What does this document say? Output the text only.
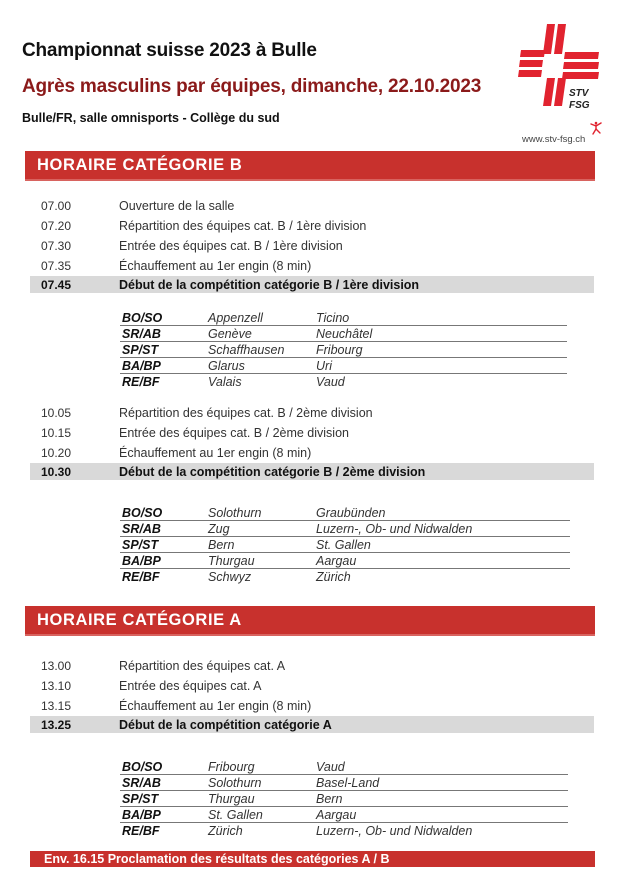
Championnat suisse 2023 à Bulle
Agrès masculins par équipes, dimanche, 22.10.2023
Bulle/FR, salle omnisports - Collège du sud
STV
FSG
www.stv-fsg.ch
HORAIRE CATÉGORIE B
07.00	Ouverture de la salle
07.20	Répartition des équipes cat. B / 1ère division
07.30	Entrée des équipes cat. B / 1ère division
07.35	Échauffement au 1er engin (8 min)
07.45	Début de la compétition catégorie B / 1ère division
BO/SO	Appenzell	Ticino
SR/AB	Genève	Neuchâtel
SP/ST	Schaffhausen	Fribourg
BA/BP	Glarus	Uri
RE/BF	Valais	Vaud
10.05	Répartition des équipes cat. B / 2ème division
10.15	Entrée des équipes cat. B / 2ème division
10.20	Échauffement au 1er engin (8 min)
10.30	Début de la compétition catégorie B / 2ème division
BO/SO	Solothurn	Graubünden
SR/AB	Zug	Luzern-, Ob- und Nidwalden
SP/ST	Bern	St. Gallen
BA/BP	Thurgau	Aargau
RE/BF	Schwyz	Zürich
HORAIRE CATÉGORIE A
13.00	Répartition des équipes cat. A
13.10	Entrée des équipes cat. A
13.15	Échauffement au 1er engin (8 min)
13.25	Début de la compétition catégorie A
BO/SO	Fribourg	Vaud
SR/AB	Solothurn	Basel-Land
SP/ST	Thurgau	Bern
BA/BP	St. Gallen	Aargau
RE/BF	Zürich	Luzern-, Ob- und Nidwalden
Env. 16.15 Proclamation des résultats des catégories A / B
